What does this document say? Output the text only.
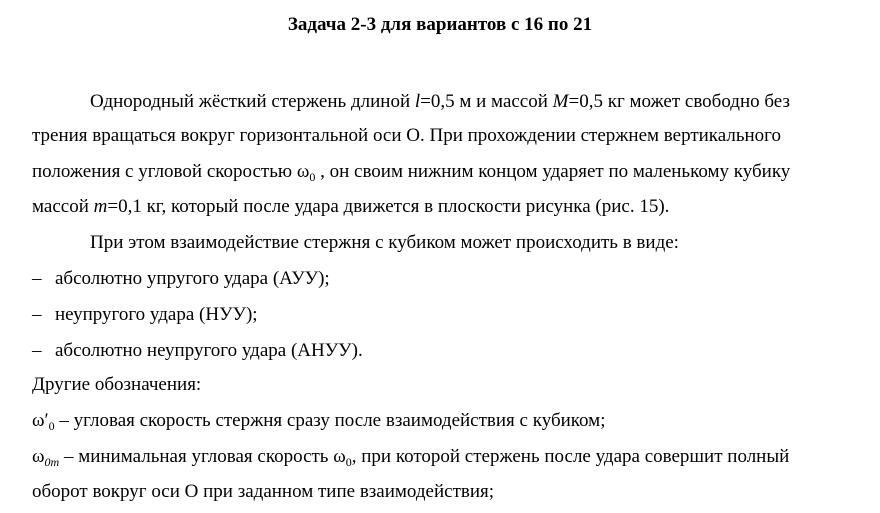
Задача 2-3 для вариантов с 16 по 21
Однородный жёсткий стержень длиной l=0,5 м и массой M=0,5 кг может свободно без
трения вращаться вокруг горизонтальной оси О. При прохождении стержнем вертикального
положения с угловой скоростью $\omega_0$ , он своим нижним концом ударяет по маленькому кубику
массой m=0,1 кг, который после удара движется в плоскости рисунка (рис. 15).
При этом взаимодействие стержня с кубиком может происходить в виде:
– абсолютно упругого удара (АУУ);
– неупругого удара (НУУ);
– абсолютно неупругого удара (АНУУ).
Другие обозначения:
$\omega'_0$ – угловая скорость стержня сразу после взаимодействия с кубиком;
$\omega_{0m}$ – минимальная угловая скорость $\omega_0$, при которой стержень после удара совершит полный
оборот вокруг оси О при заданном типе взаимодействия;
